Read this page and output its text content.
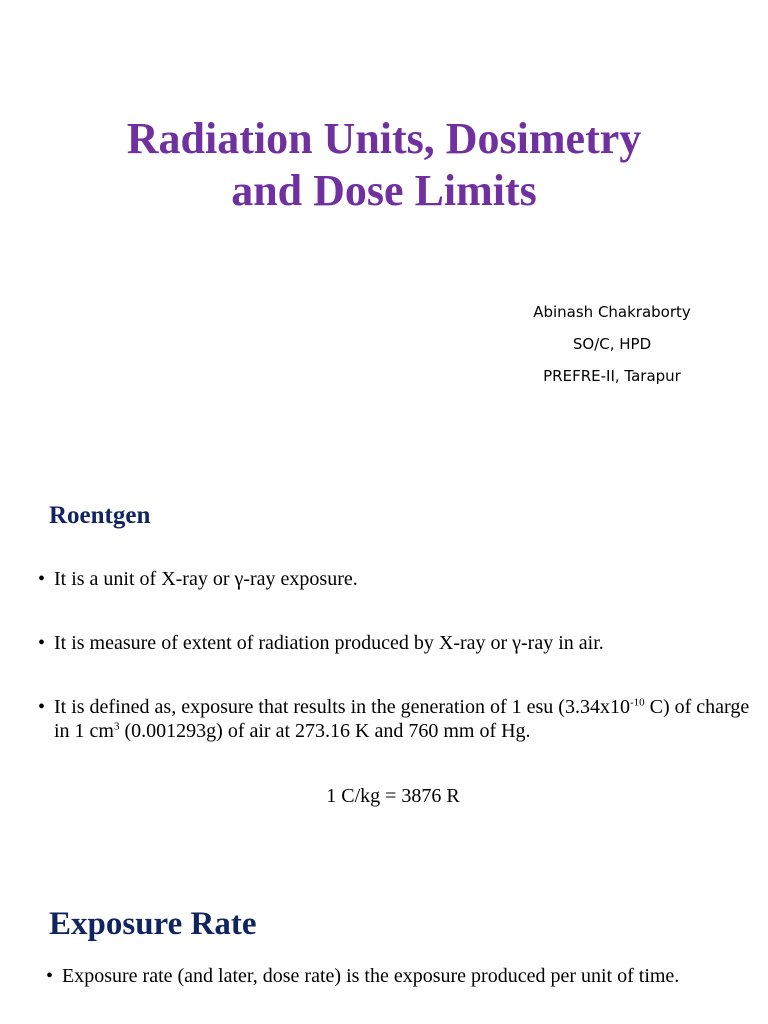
Radiation Units, Dosimetry
and Dose Limits
Abinash Chakraborty
SO/C, HPD
PREFRE-II, Tarapur
Roentgen
• It is a unit of X-ray or γ-ray exposure.
• It is measure of extent of radiation produced by X-ray or γ-ray in air.
• It is defined as, exposure that results in the generation of 1 esu ($3.34x10^{-10}$ C) of charge in 1 $cm^3$ (0.001293g) of air at 273.16 K and 760 mm of Hg.
1 C/kg = 3876 R
Exposure Rate
• Exposure rate (and later, dose rate) is the exposure produced per unit of time.
